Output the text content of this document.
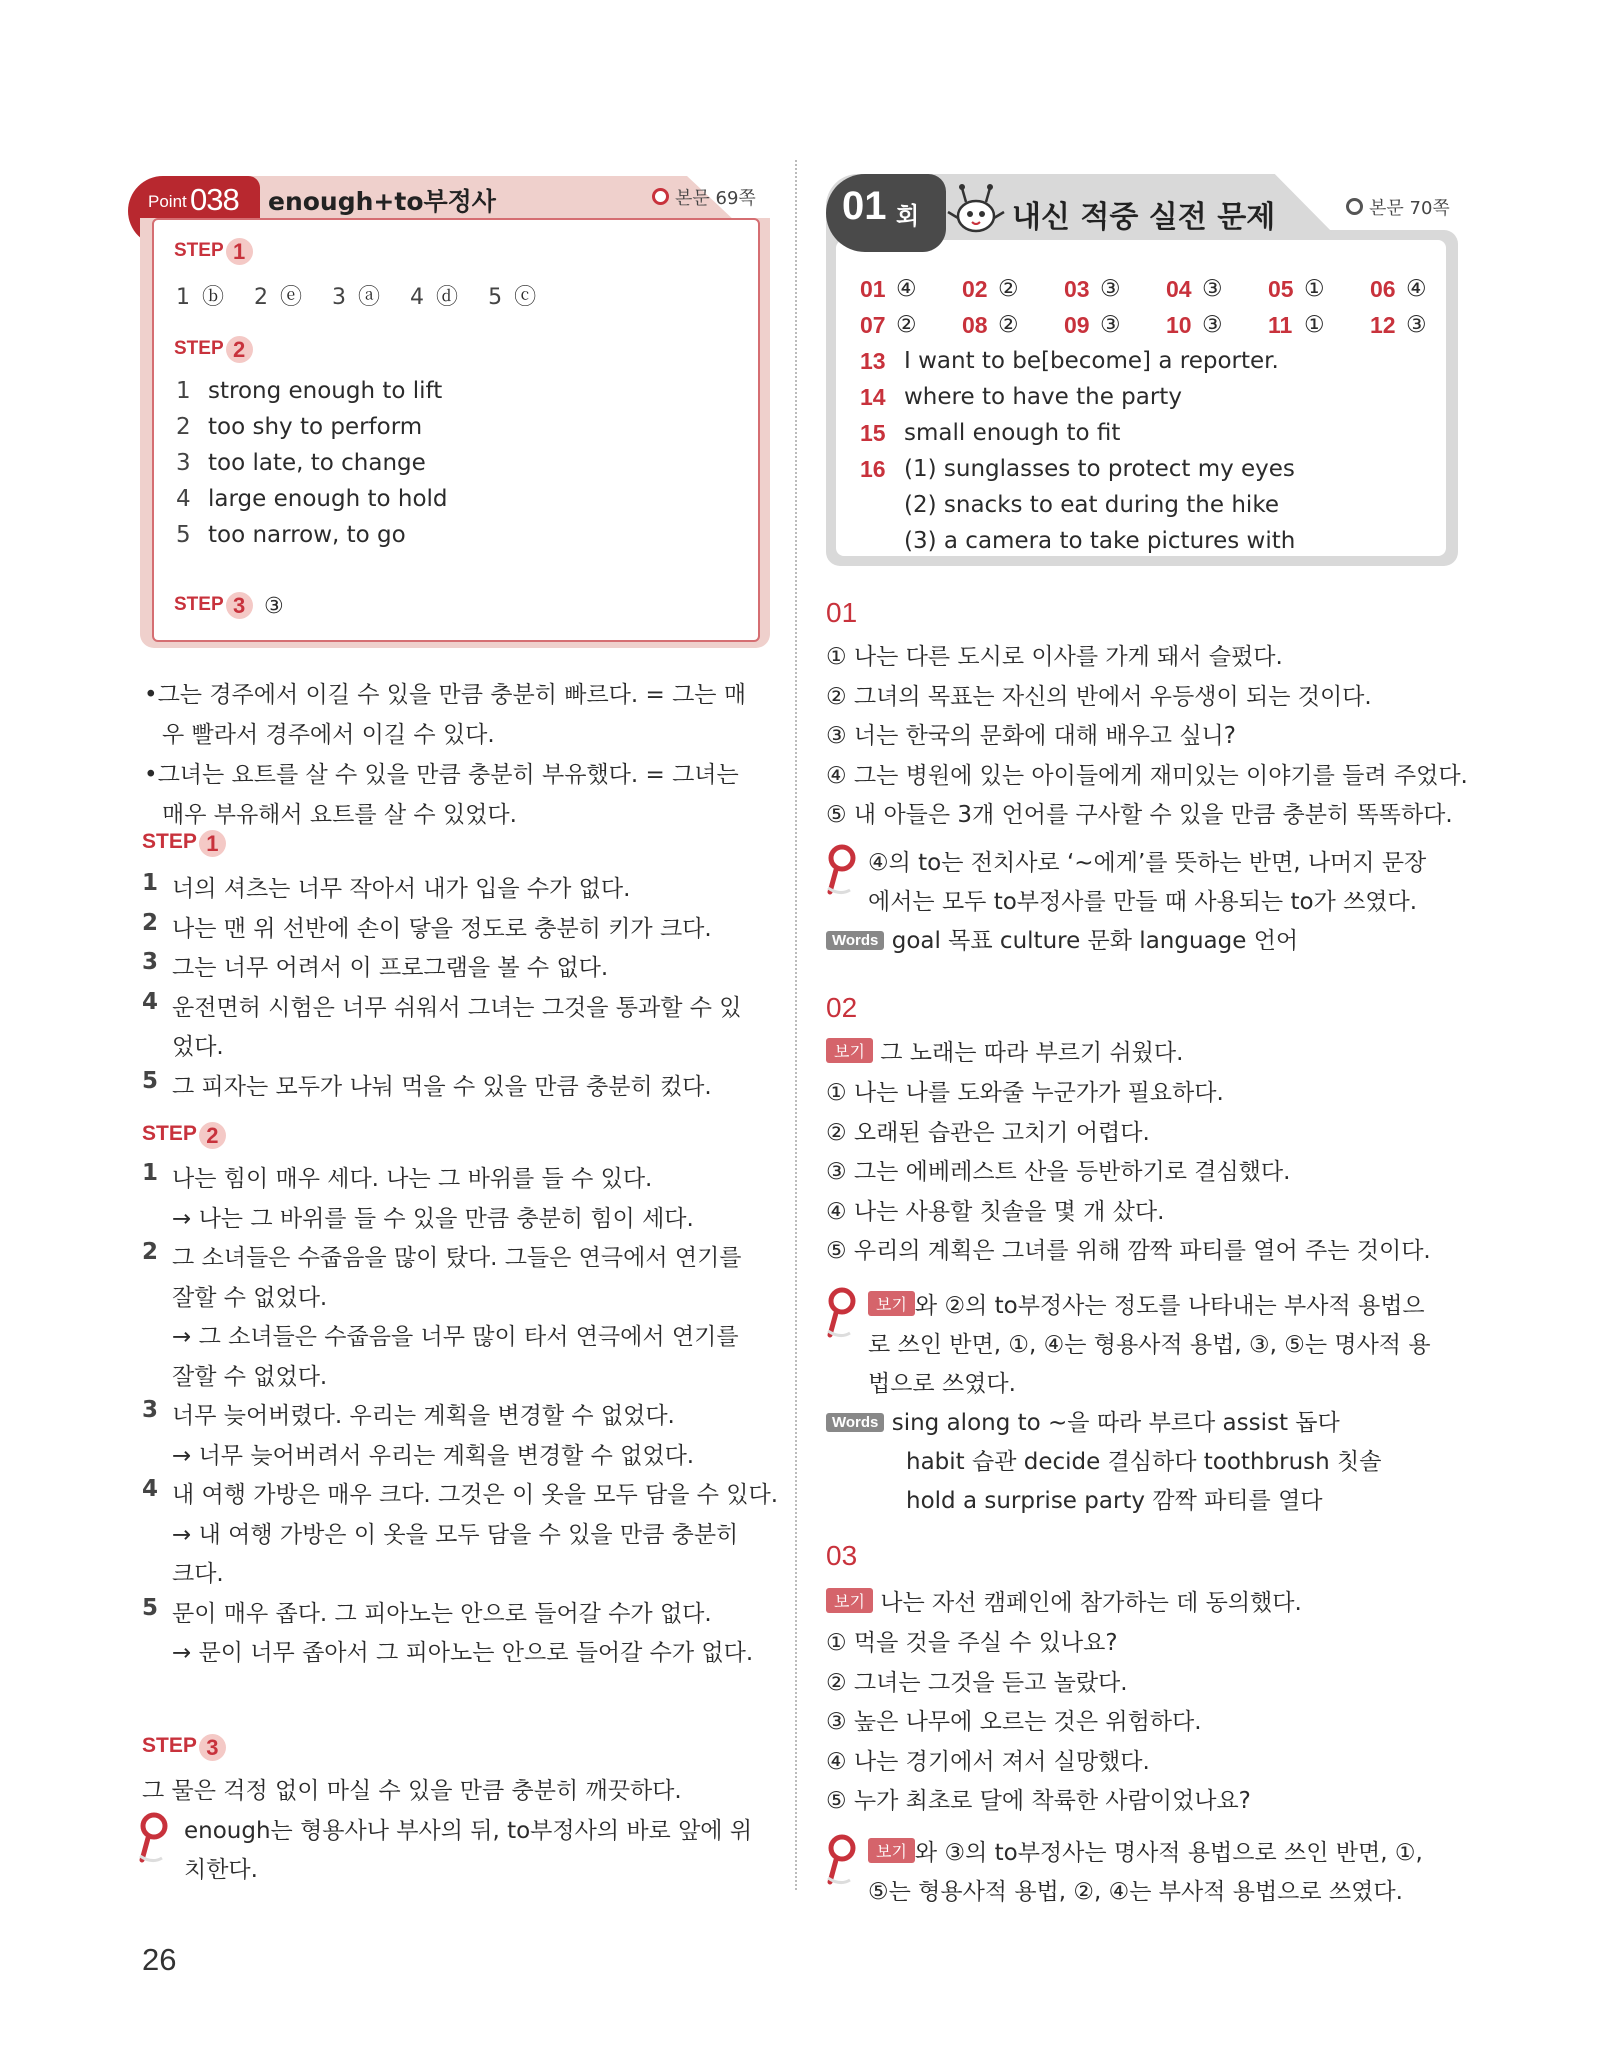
Point 038 enough+to부정사	본문 69쪽
STEP 1
1 ⓑ 2 ⓔ 3 ⓐ 4 ⓓ 5 ⓒ
STEP 2
1 strong enough to lift
2 too shy to perform
3 too late, to change
4 large enough to hold
5 too narrow, to go
STEP 3 ③
•그는 경주에서 이길 수 있을 만큼 충분히 빠르다. = 그는 매
우 빨라서 경주에서 이길 수 있다.
•그녀는 요트를 살 수 있을 만큼 충분히 부유했다. = 그녀는
매우 부유해서 요트를 살 수 있었다.
STEP 1
1 너의 셔츠는 너무 작아서 내가 입을 수가 없다.
2 나는 맨 위 선반에 손이 닿을 정도로 충분히 키가 크다.
3 그는 너무 어려서 이 프로그램을 볼 수 없다.
4 운전면허 시험은 너무 쉬워서 그녀는 그것을 통과할 수 있
었다.
5 그 피자는 모두가 나눠 먹을 수 있을 만큼 충분히 컸다.
STEP 2
1 나는 힘이 매우 세다. 나는 그 바위를 들 수 있다.
→ 나는 그 바위를 들 수 있을 만큼 충분히 힘이 세다.
2 그 소녀들은 수줍음을 많이 탔다. 그들은 연극에서 연기를
잘할 수 없었다.
→ 그 소녀들은 수줍음을 너무 많이 타서 연극에서 연기를
잘할 수 없었다.
3 너무 늦어버렸다. 우리는 계획을 변경할 수 없었다.
→ 너무 늦어버려서 우리는 계획을 변경할 수 없었다.
4 내 여행 가방은 매우 크다. 그것은 이 옷을 모두 담을 수 있다.
→ 내 여행 가방은 이 옷을 모두 담을 수 있을 만큼 충분히
크다.
5 문이 매우 좁다. 그 피아노는 안으로 들어갈 수가 없다.
→ 문이 너무 좁아서 그 피아노는 안으로 들어갈 수가 없다.
STEP 3
그 물은 걱정 없이 마실 수 있을 만큼 충분히 깨끗하다.
enough는 형용사나 부사의 뒤, to부정사의 바로 앞에 위
치한다.
26
01 ④ 02 ② 03 ③ 04 ③ 05 ① 06 ④
07 ② 08 ② 09 ③ 10 ③ 11 ① 12 ③
13 I want to be[become] a reporter.
14 where to have the party
15 small enough to fit
16 (1) sunglasses to protect my eyes
(2) snacks to eat during the hike
(3) a camera to take pictures with
01 회	내신 적중 실전 문제	본문 70쪽
01
① 나는 다른 도시로 이사를 가게 돼서 슬펐다.
② 그녀의 목표는 자신의 반에서 우등생이 되는 것이다.
③ 너는 한국의 문화에 대해 배우고 싶니?
④ 그는 병원에 있는 아이들에게 재미있는 이야기를 들려 주었다.
⑤ 내 아들은 3개 언어를 구사할 수 있을 만큼 충분히 똑똑하다.
④의 to는 전치사로 ‘~에게’를 뜻하는 반면, 나머지 문장
에서는 모두 to부정사를 만들 때 사용되는 to가 쓰였다.
Words goal 목표 culture 문화 language 언어
02
보기 그 노래는 따라 부르기 쉬웠다.
① 나는 나를 도와줄 누군가가 필요하다.
② 오래된 습관은 고치기 어렵다.
③ 그는 에베레스트 산을 등반하기로 결심했다.
④ 나는 사용할 칫솔을 몇 개 샀다.
⑤ 우리의 계획은 그녀를 위해 깜짝 파티를 열어 주는 것이다.
보기 와 ②의 to부정사는 정도를 나타내는 부사적 용법으
로 쓰인 반면, ①, ④는 형용사적 용법, ③, ⑤는 명사적 용
법으로 쓰였다.
Words sing along to ~을 따라 부르다 assist 돕다
habit 습관 decide 결심하다 toothbrush 칫솔
hold a surprise party 깜짝 파티를 열다
03
보기 나는 자선 캠페인에 참가하는 데 동의했다.
① 먹을 것을 주실 수 있나요?
② 그녀는 그것을 듣고 놀랐다.
③ 높은 나무에 오르는 것은 위험하다.
④ 나는 경기에서 져서 실망했다.
⑤ 누가 최초로 달에 착륙한 사람이었나요?
보기 와 ③의 to부정사는 명사적 용법으로 쓰인 반면, ①,
⑤는 형용사적 용법, ②, ④는 부사적 용법으로 쓰였다.
